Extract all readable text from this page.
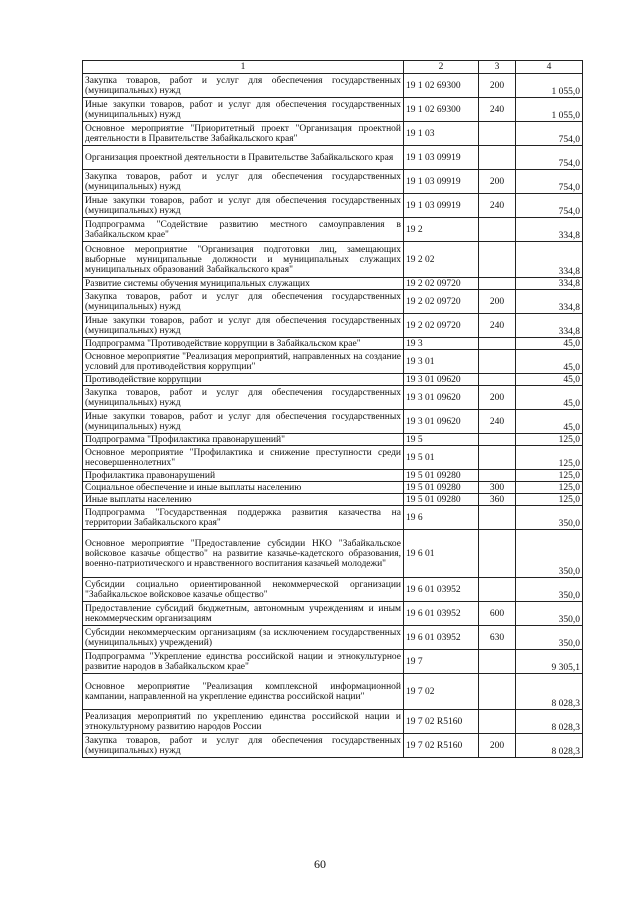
1	2	3	4
Закупка товаров, работ и услуг для обеспечения государственных (муниципальных) нужд	19 1 02 69300	200	1 055,0
Иные закупки товаров, работ и услуг для обеспечения государственных (муниципальных) нужд	19 1 02 69300	240	1 055,0
Основное мероприятие "Приоритетный проект "Организация проектной деятельности в Правительстве Забайкальского края"	19 1 03		754,0
Организация проектной деятельности в Правительстве Забайкальского края	19 1 03 09919		754,0
Закупка товаров, работ и услуг для обеспечения государственных (муниципальных) нужд	19 1 03 09919	200	754,0
Иные закупки товаров, работ и услуг для обеспечения государственных (муниципальных) нужд	19 1 03 09919	240	754,0
Подпрограмма "Содействие развитию местного самоуправления в Забайкальском крае"	19 2		334,8
Основное мероприятие "Организация подготовки лиц, замещающих выборные муниципальные должности и муниципальных служащих муниципальных образований Забайкальского края"	19 2 02		334,8
Развитие системы обучения муниципальных служащих	19 2 02 09720		334,8
Закупка товаров, работ и услуг для обеспечения государственных (муниципальных) нужд	19 2 02 09720	200	334,8
Иные закупки товаров, работ и услуг для обеспечения государственных (муниципальных) нужд	19 2 02 09720	240	334,8
Подпрограмма "Противодействие коррупции в Забайкальском крае"	19 3		45,0
Основное мероприятие "Реализация мероприятий, направленных на создание условий для противодействия коррупции"	19 3 01		45,0
Противодействие коррупции	19 3 01 09620		45,0
Закупка товаров, работ и услуг для обеспечения государственных (муниципальных) нужд	19 3 01 09620	200	45,0
Иные закупки товаров, работ и услуг для обеспечения государственных (муниципальных) нужд	19 3 01 09620	240	45,0
Подпрограмма "Профилактика правонарушений"	19 5		125,0
Основное мероприятие "Профилактика и снижение преступности среди несовершеннолетних"	19 5 01		125,0
Профилактика правонарушений	19 5 01 09280		125,0
Социальное обеспечение и иные выплаты населению	19 5 01 09280	300	125,0
Иные выплаты населению	19 5 01 09280	360	125,0
Подпрограмма "Государственная поддержка развития казачества на территории Забайкальского края"	19 6		350,0
Основное мероприятие "Предоставление субсидии НКО "Забайкальское войсковое казачье общество" на развитие казачье-кадетского образования, военно-патриотического и нравственного воспитания казачьей молодежи"	19 6 01		350,0
Субсидии социально ориентированной некоммерческой организации "Забайкальское войсковое казачье общество"	19 6 01 03952		350,0
Предоставление субсидий бюджетным, автономным учреждениям и иным некоммерческим организациям	19 6 01 03952	600	350,0
Субсидии некоммерческим организациям (за исключением государственных (муниципальных) учреждений)	19 6 01 03952	630	350,0
Подпрограмма "Укрепление единства российской нации и этнокультурное развитие народов в Забайкальском крае"	19 7		9 305,1
Основное мероприятие "Реализация комплексной информационной кампании, направленной на укрепление единства российской нации"	19 7 02		8 028,3
Реализация мероприятий по укреплению единства российской нации и этнокультурному развитию народов России	19 7 02 R5160		8 028,3
Закупка товаров, работ и услуг для обеспечения государственных (муниципальных) нужд	19 7 02 R5160	200	8 028,3
60
